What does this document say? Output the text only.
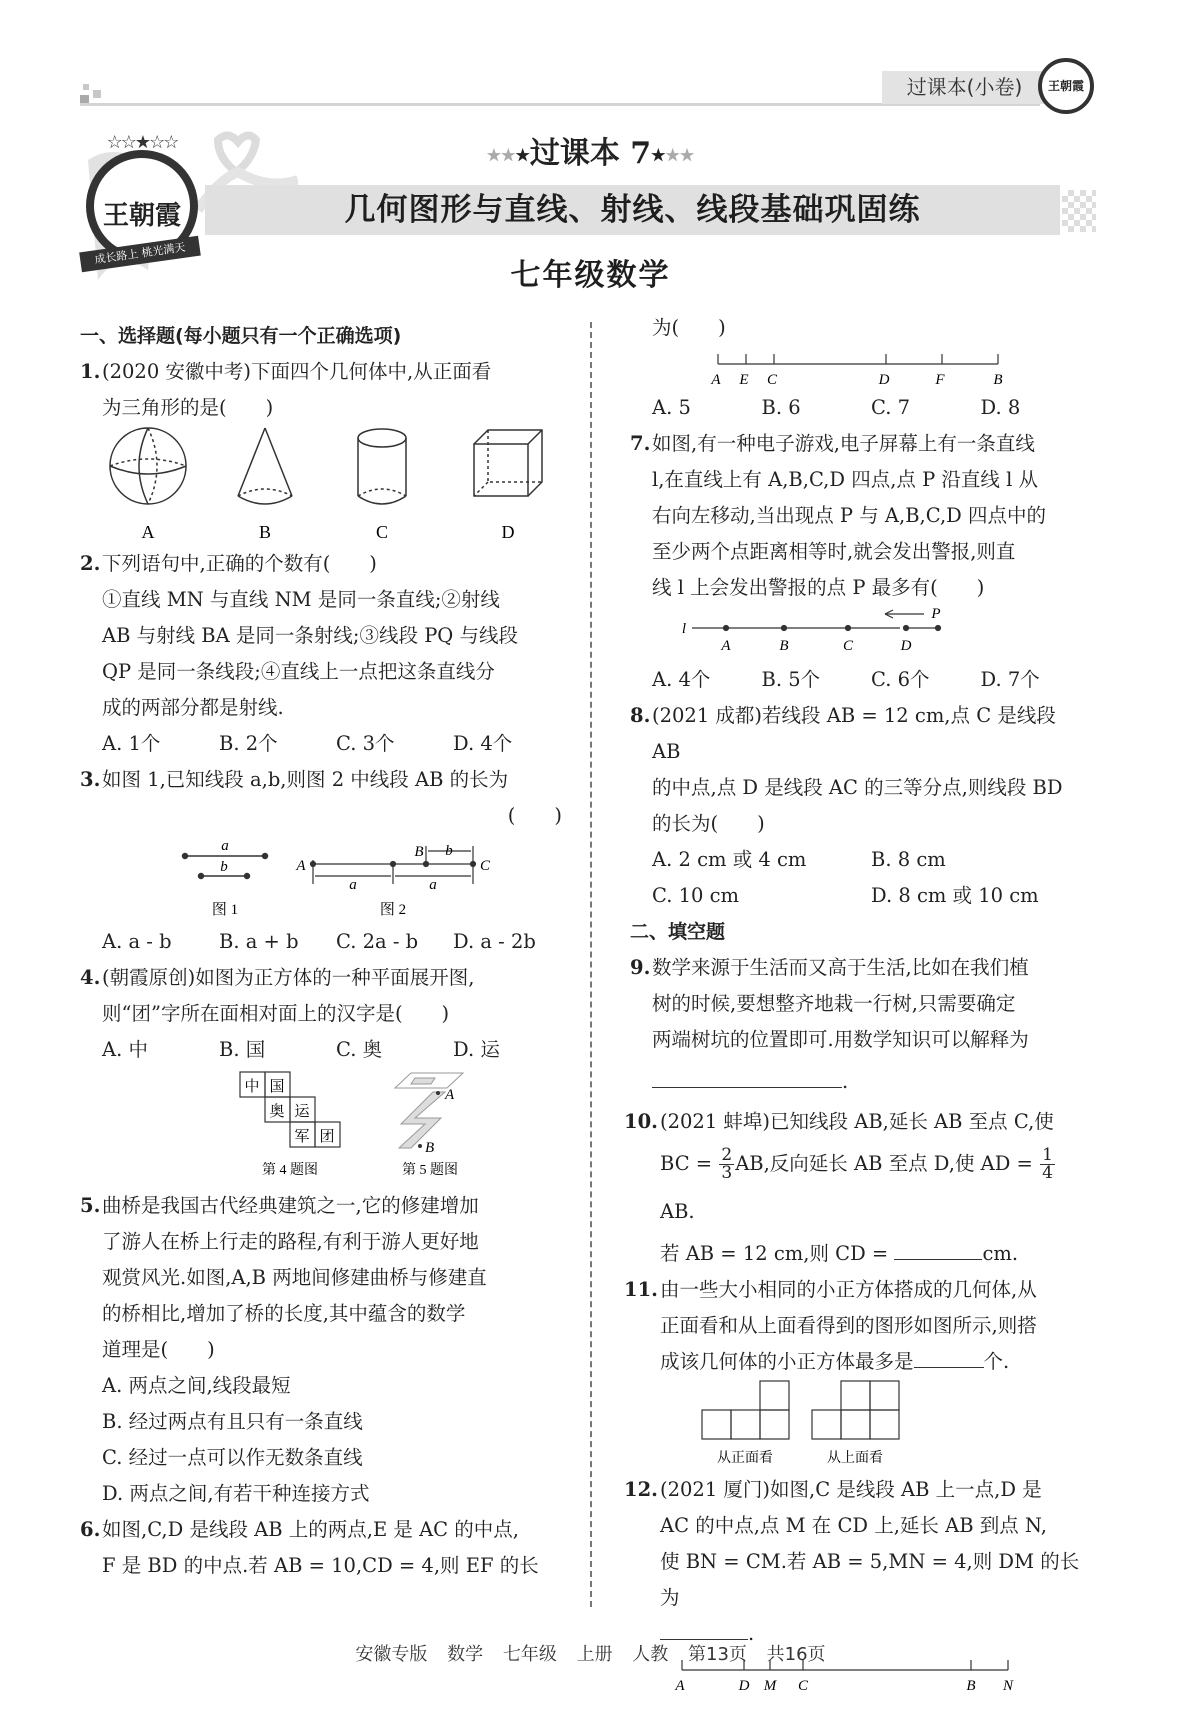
过课本(小卷)	王朝霞
☆☆★☆☆
王朝霞
成长路上 桃光满天
★★★过课本 7★★★
几何图形与直线、射线、线段基础巩固练
七年级数学
一、选择题(每小题只有一个正确选项)
1. (2020 安徽中考)下面四个几何体中,从正面看
为三角形的是(　　)
A	B	C	D
2. 下列语句中,正确的个数有(　　)
①直线 MN 与直线 NM 是同一条直线;②射线
AB 与射线 BA 是同一条射线;③线段 PQ 与线段
QP 是同一条线段;④直线上一点把这条直线分
成的两部分都是射线.
A. 1个	B. 2个	C. 3个	D. 4个
3. 如图 1,已知线段 a,b,则图 2 中线段 AB 的长为
(　　)
a
b
图 1
A
B
C
a	a
b
图 2
A. a - b	B. a + b	C. 2a - b	D. a - 2b
4. (朝霞原创)如图为正方体的一种平面展开图,
则“团”字所在面相对面上的汉字是(　　)
A. 中	B. 国	C. 奥	D. 运
中 国
奥 运
军 团
第 4 题图
A
B
第 5 题图
5. 曲桥是我国古代经典建筑之一,它的修建增加
了游人在桥上行走的路程,有利于游人更好地
观赏风光.如图,A,B 两地间修建曲桥与修建直
的桥相比,增加了桥的长度,其中蕴含的数学
道理是(　　)
A. 两点之间,线段最短
B. 经过两点有且只有一条直线
C. 经过一点可以作无数条直线
D. 两点之间,有若干种连接方式
6. 如图,C,D 是线段 AB 上的两点,E 是 AC 的中点,
F 是 BD 的中点.若 AB = 10,CD = 4,则 EF 的长
为(　　)
A E C	D	F	B
A. 5	B. 6	C. 7	D. 8
7. 如图,有一种电子游戏,电子屏幕上有一条直线
l,在直线上有 A,B,C,D 四点,点 P 沿直线 l 从
右向左移动,当出现点 P 与 A,B,C,D 四点中的
至少两个点距离相等时,就会发出警报,则直
线 l 上会发出警报的点 P 最多有(　　)
l
A	B	C	D
P
A. 4个	B. 5个	C. 6个	D. 7个
8. (2021 成都)若线段 AB = 12 cm,点 C 是线段 AB
的中点,点 D 是线段 AC 的三等分点,则线段 BD
的长为(　　)
A. 2 cm 或 4 cm	B. 8 cm
C. 10 cm	D. 8 cm 或 10 cm
二、填空题
9. 数学来源于生活而又高于生活,比如在我们植
树的时候,要想整齐地栽一行树,只需要确定
两端树坑的位置即可.用数学知识可以解释为
.
10. (2021 蚌埠)已知线段 AB,延长 AB 至点 C,使
BC = $\frac{2}{3}$ AB,反向延长 AB 至点 D,使 AD = $\frac{1}{4}$
AB.
若 AB = 12 cm,则 CD =	cm.
11. 由一些大小相同的小正方体搭成的几何体,从
正面看和从上面看得到的图形如图所示,则搭
成该几何体的小正方体最多是	个.
从正面看	从上面看
12. (2021 厦门)如图,C 是线段 AB 上一点,D 是
AC 的中点,点 M 在 CD 上,延长 AB 到点 N,
使 BN = CM.若 AB = 5,MN = 4,则 DM 的长为
.
A	D M C	B N
安徽专版 数学 七年级 上册 人教 第13页 共16页
